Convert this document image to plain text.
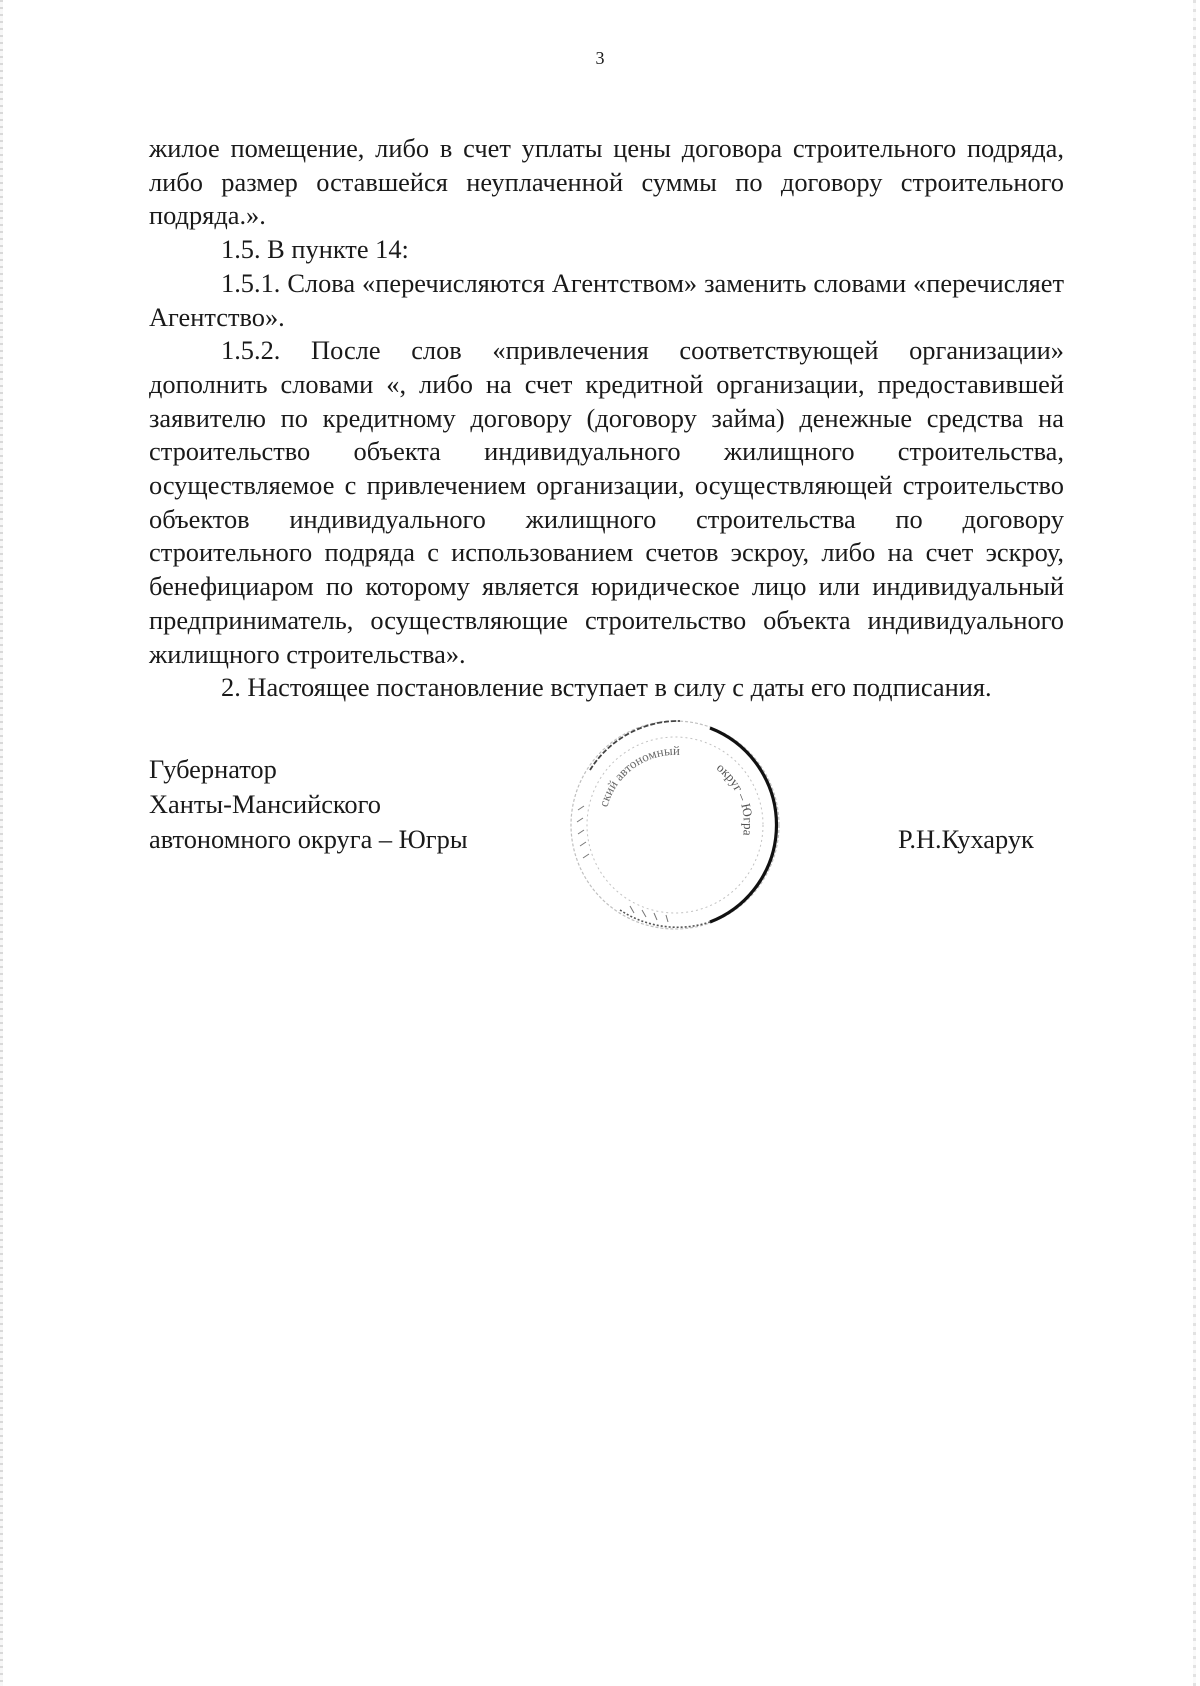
3

жилое помещение, либо в счет уплаты цены договора строительного подряда, либо размер оставшейся неуплаченной суммы по договору строительного подряда.».

1.5. В пункте 14:

1.5.1. Слова «перечисляются Агентством» заменить словами «перечисляет Агентство».

1.5.2. После слов «привлечения соответствующей организации» дополнить словами «, либо на счет кредитной организации, предоставившей заявителю по кредитному договору (договору займа) денежные средства на строительство объекта индивидуального жилищного строительства, осуществляемое с привлечением организации, осуществляющей строительство объектов индивидуального жилищного строительства по договору строительного подряда с использованием счетов эскроу, либо на счет эскроу, бенефициаром по которому является юридическое лицо или индивидуальный предприниматель, осуществляющие строительство объекта индивидуального жилищного строительства».

2. Настоящее постановление вступает в силу с даты его подписания.

Губернатор
Ханты-Мансийского
автономного округа – Югры
ский автономный
округ – Югра	Р.Н.Кухарук
